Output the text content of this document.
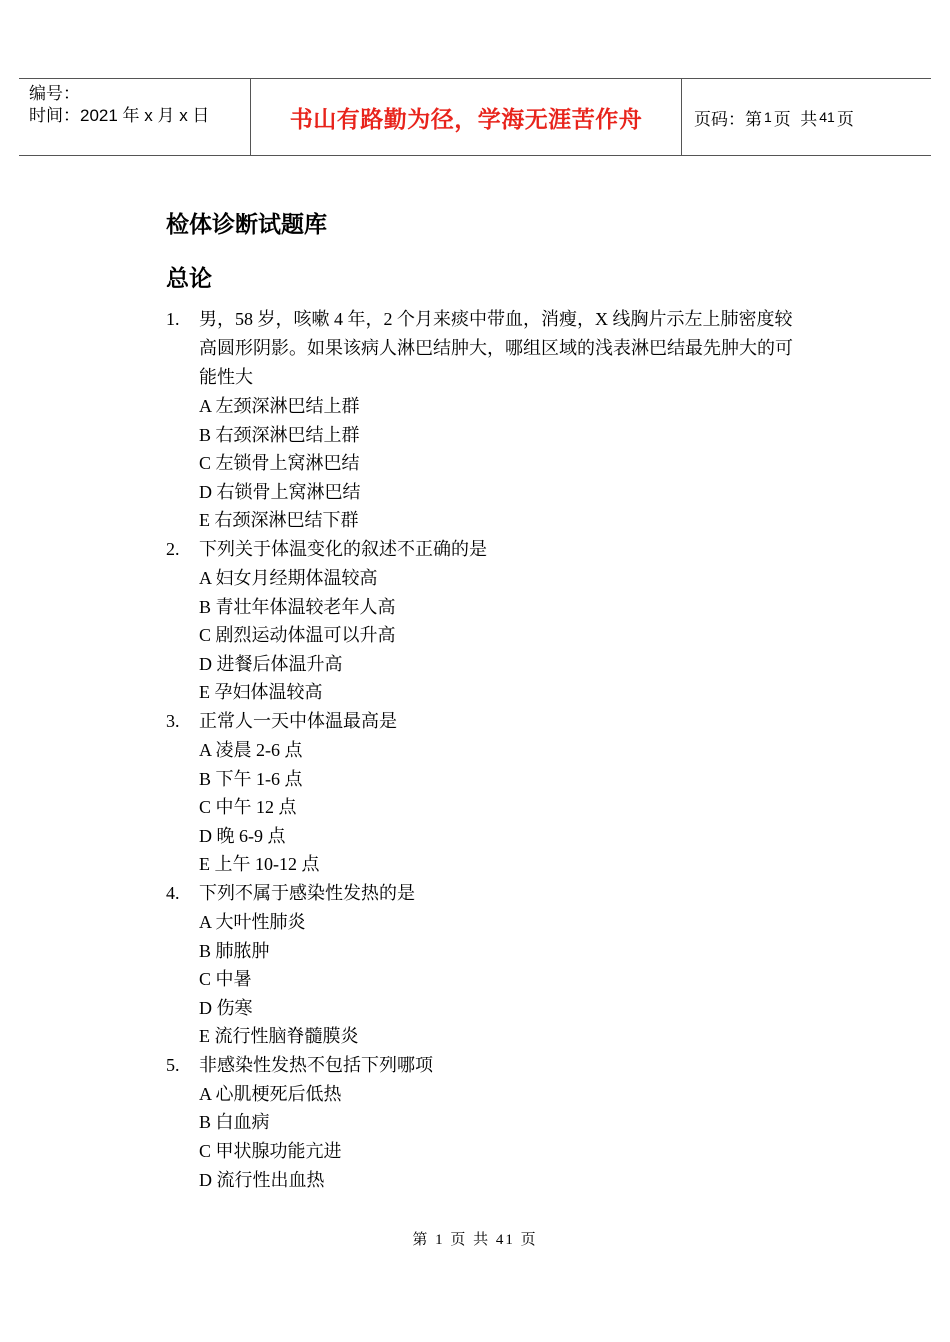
编号：
时间：2021 年 x 月 x 日	书山有路勤为径，学海无涯苦作舟	页码：第 1 页  共 41 页
检体诊断试题库
总论
1. 男，58 岁，咳嗽 4 年，2 个月来痰中带血，消瘦，X 线胸片示左上肺密度较高圆形阴影。如果该病人淋巴结肿大，哪组区域的浅表淋巴结最先肿大的可能性大
A 左颈深淋巴结上群
B 右颈深淋巴结上群
C 左锁骨上窝淋巴结
D 右锁骨上窝淋巴结
E 右颈深淋巴结下群
2. 下列关于体温变化的叙述不正确的是
A 妇女月经期体温较高
B 青壮年体温较老年人高
C 剧烈运动体温可以升高
D 进餐后体温升高
E 孕妇体温较高
3. 正常人一天中体温最高是
A 凌晨 2-6 点
B 下午 1-6 点
C 中午 12 点
D 晚 6-9 点
E 上午 10-12 点
4. 下列不属于感染性发热的是
A 大叶性肺炎
B 肺脓肿
C 中暑
D 伤寒
E 流行性脑脊髓膜炎
5. 非感染性发热不包括下列哪项
A 心肌梗死后低热
B 白血病
C 甲状腺功能亢进
D 流行性出血热
第 1 页 共 41 页
